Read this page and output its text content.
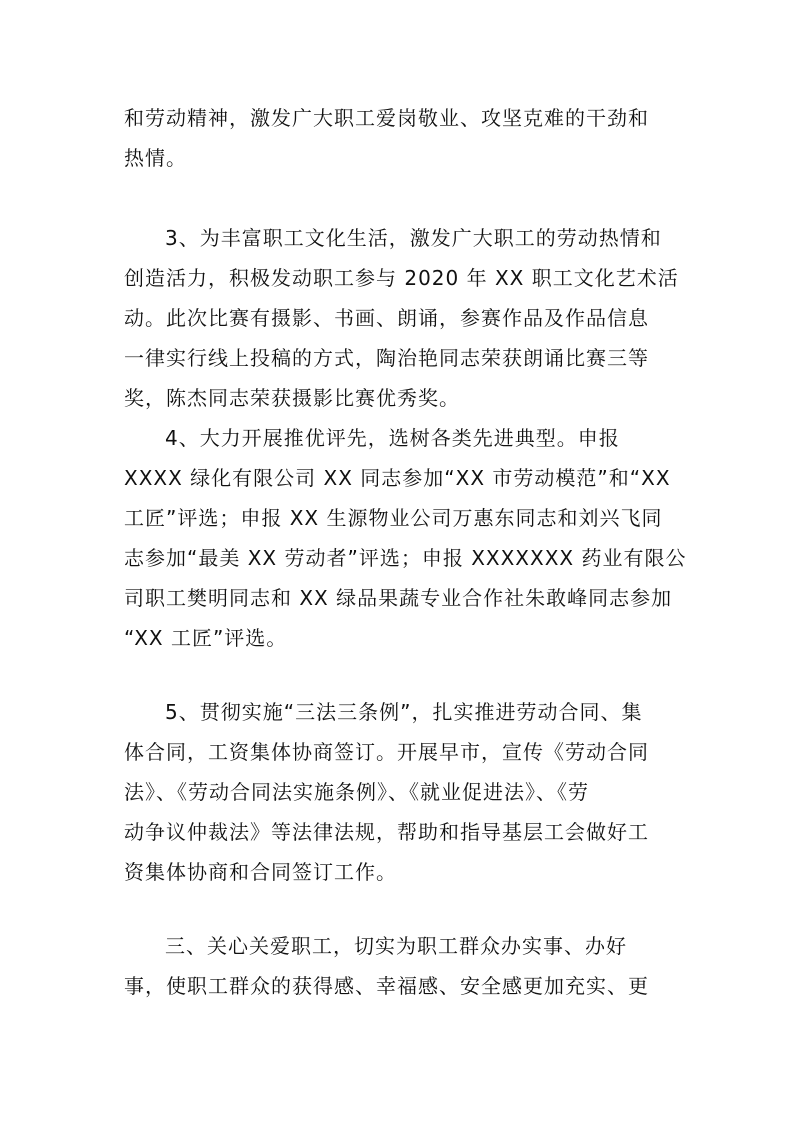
和劳动精神，激发广大职工爱岗敬业、攻坚克难的干劲和
热情。
3、为丰富职工文化生活，激发广大职工的劳动热情和
创造活力，积极发动职工参与 2020 年 XX 职工文化艺术活
动。此次比赛有摄影、书画、朗诵，参赛作品及作品信息
一律实行线上投稿的方式，陶治艳同志荣获朗诵比赛三等
奖，陈杰同志荣获摄影比赛优秀奖。
4、大力开展推优评先，选树各类先进典型。申报
XXXX 绿化有限公司 XX 同志参加“XX 市劳动模范”和“XX
工匠”评选；申报 XX 生源物业公司万惠东同志和刘兴飞同
志参加“最美 XX 劳动者”评选；申报 XXXXXXX 药业有限公
司职工樊明同志和 XX 绿品果蔬专业合作社朱敢峰同志参加
“XX 工匠”评选。
5、贯彻实施“三法三条例”，扎实推进劳动合同、集
体合同，工资集体协商签订。开展早市，宣传《劳动合同
法》、《劳动合同法实施条例》、《就业促进法》、《劳
动争议仲裁法》等法律法规，帮助和指导基层工会做好工
资集体协商和合同签订工作。
三、关心关爱职工，切实为职工群众办实事、办好
事，使职工群众的获得感、幸福感、安全感更加充实、更
